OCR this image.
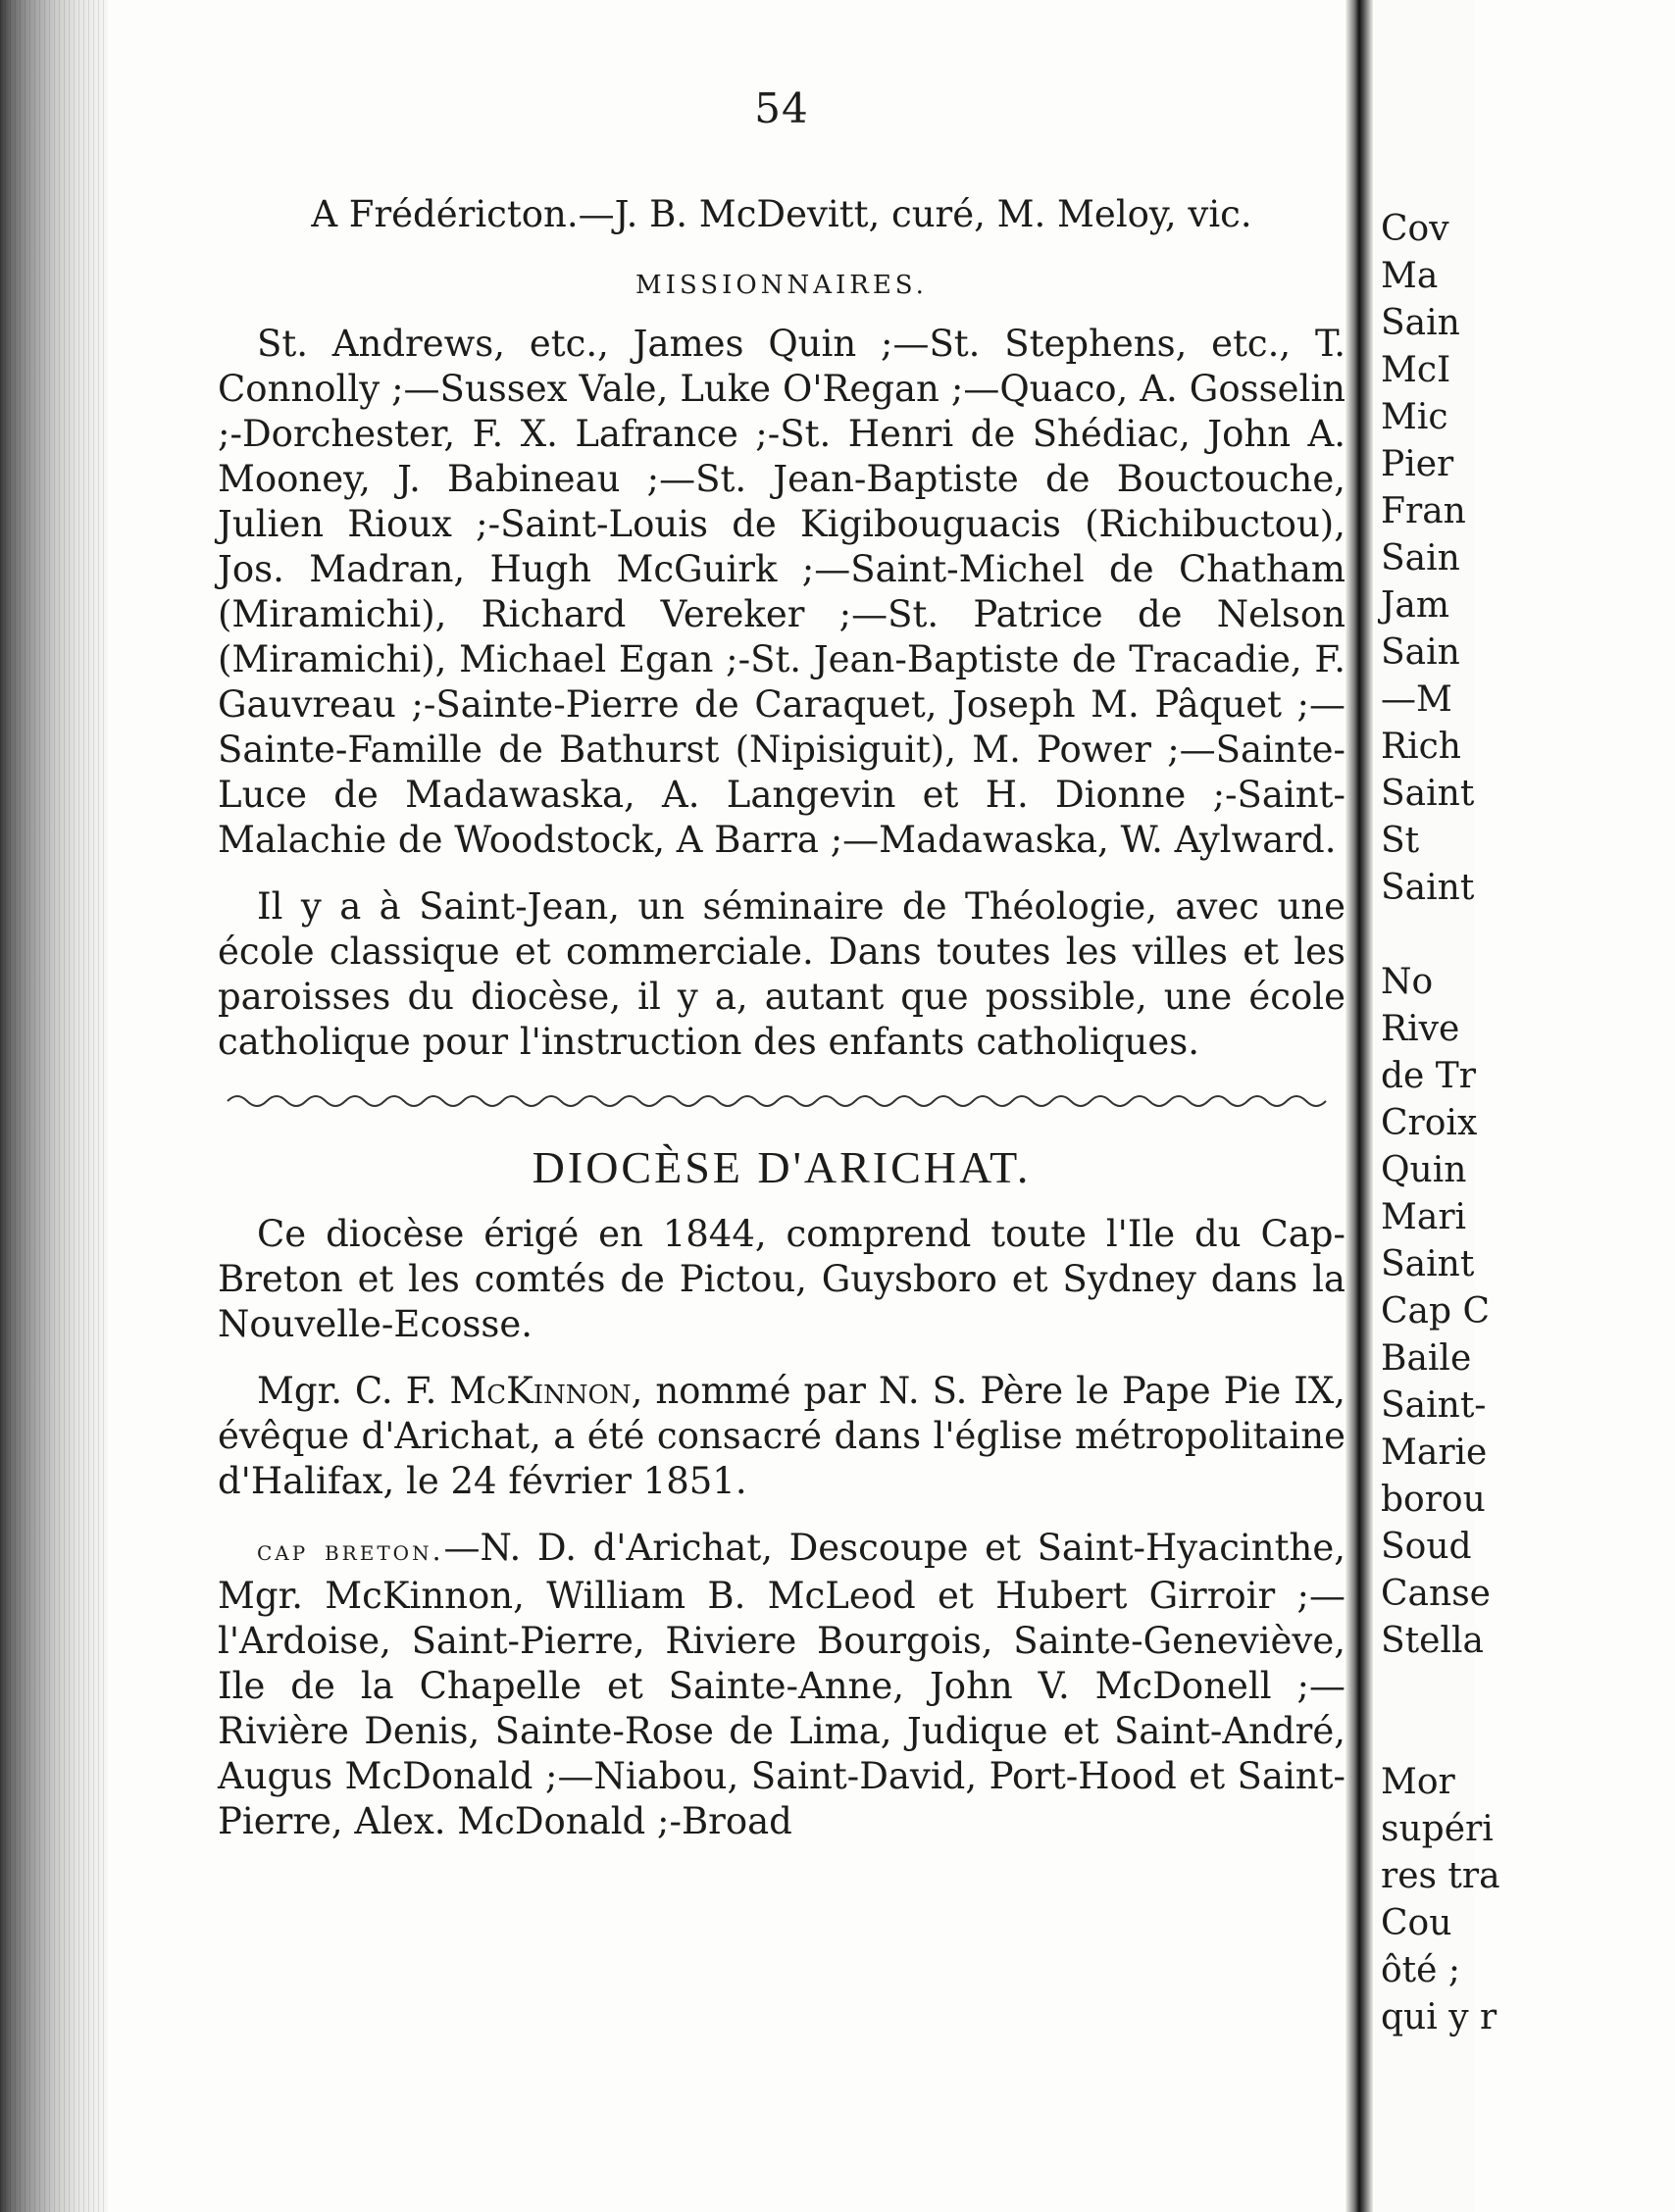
54

A Frédéricton.—J. B. McDevitt, curé, M. Meloy, vic.

MISSIONNAIRES.

St. Andrews, etc., James Quin ;—St. Stephens, etc., T. Connolly ;—Sussex Vale, Luke O'Regan ;—Quaco, A. Gosselin ;-Dorchester, F. X. Lafrance ;-St. Henri de Shédiac, John A. Mooney, J. Babineau ;—St. Jean-Baptiste de Bouctouche, Julien Rioux ;-Saint-Louis de Kigibouguacis (Richibuctou), Jos. Madran, Hugh McGuirk ;—Saint-Michel de Chatham (Miramichi), Richard Vereker ;—St. Patrice de Nelson (Miramichi), Michael Egan ;-St. Jean-Baptiste de Tracadie, F. Gauvreau ;-Sainte-Pierre de Caraquet, Joseph M. Pâquet ;—Sainte-Famille de Bathurst (Nipisiguit), M. Power ;—Sainte-Luce de Madawaska, A. Langevin et H. Dionne ;-Saint-Malachie de Woodstock, A Barra ;—Madawaska, W. Aylward.

Il y a à Saint-Jean, un séminaire de Théologie, avec une école classique et commerciale. Dans toutes les villes et les paroisses du diocèse, il y a, autant que possible, une école catholique pour l'instruction des enfants catholiques.

DIOCÈSE D'ARICHAT.

Ce diocèse érigé en 1844, comprend toute l'Ile du Cap-Breton et les comtés de Pictou, Guysboro et Sydney dans la Nouvelle-Ecosse.

Mgr. C. F. McKinnon, nommé par N. S. Père le Pape Pie IX, évêque d'Arichat, a été consacré dans l'église métropolitaine d'Halifax, le 24 février 1851.

cap breton.—N. D. d'Arichat, Descoupe et Saint-Hyacinthe, Mgr. McKinnon, William B. McLeod et Hubert Girroir ;—l'Ardoise, Saint-Pierre, Riviere Bourgois, Sainte-Geneviève, Ile de la Chapelle et Sainte-Anne, John V. McDonell ;—Rivière Denis, Sainte-Rose de Lima, Judique et Saint-André, Augus McDonald ;—Niabou, Saint-David, Port-Hood et Saint-Pierre, Alex. McDonald ;-Broad

Cov
Ma
Sain
McI
Mic
Pier
Fran
Sain
Jam
Sain
—M
Rich
Saint
St
Saint
No
Rive
de Tr
Croix
Quin
Mari
Saint
Cap C
Baile
Saint-
Marie
borou
Soud
Canse
Stella
Mor
supéri
res tra
Cou
ôté ;
qui y r
